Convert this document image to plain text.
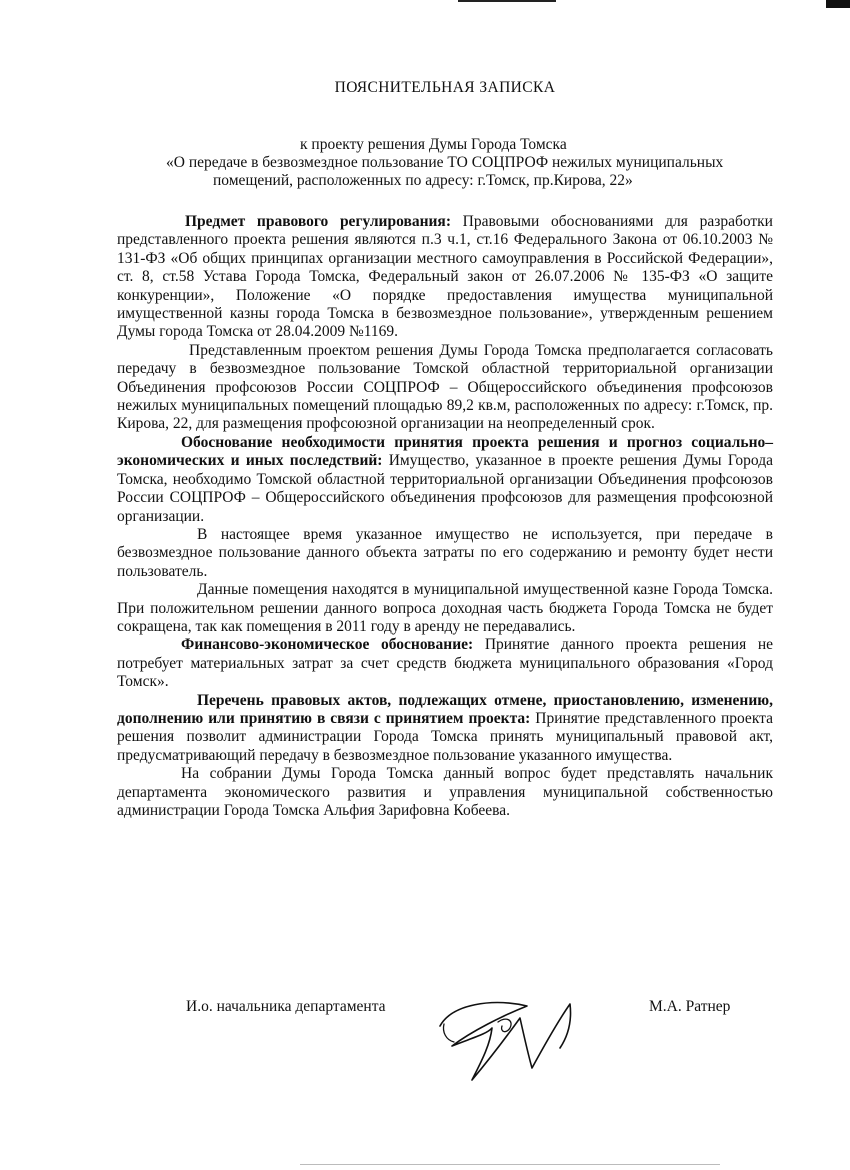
ПОЯСНИТЕЛЬНАЯ ЗАПИСКА
к проекту решения Думы Города Томска
«О передаче в безвозмездное пользование ТО СОЦПРОФ нежилых муниципальных
помещений, расположенных по адресу: г.Томск, пр.Кирова, 22»

Предмет правового регулирования: Правовыми обоснованиями для разработки представленного проекта решения являются п.3 ч.1, ст.16 Федерального Закона от 06.10.2003 № 131-ФЗ «Об общих принципах организации местного самоуправления в Российской Федерации», ст. 8, ст.58 Устава Города Томска, Федеральный закон от 26.07.2006 № 135-ФЗ «О защите конкуренции», Положение «О порядке предоставления имущества муниципальной имущественной казны города Томска в безвозмездное пользование», утвержденным решением Думы города Томска от 28.04.2009 №1169.

Представленным проектом решения Думы Города Томска предполагается согласовать передачу в безвозмездное пользование Томской областной территориальной организации Объединения профсоюзов России СОЦПРОФ – Общероссийского объединения профсоюзов нежилых муниципальных помещений площадью 89,2 кв.м, расположенных по адресу: г.Томск, пр. Кирова, 22, для размещения профсоюзной организации на неопределенный срок.

Обоснование необходимости принятия проекта решения и прогноз социально–экономических и иных последствий: Имущество, указанное в проекте решения Думы Города Томска, необходимо Томской областной территориальной организации Объединения профсоюзов России СОЦПРОФ – Общероссийского объединения профсоюзов для размещения профсоюзной организации.

В настоящее время указанное имущество не используется, при передаче в безвозмездное пользование данного объекта затраты по его содержанию и ремонту будет нести пользователь.

Данные помещения находятся в муниципальной имущественной казне Города Томска. При положительном решении данного вопроса доходная часть бюджета Города Томска не будет сокращена, так как помещения в 2011 году в аренду не передавались.

Финансово-экономическое обоснование: Принятие данного проекта решения не потребует материальных затрат за счет средств бюджета муниципального образования «Город Томск».

Перечень правовых актов, подлежащих отмене, приостановлению, изменению, дополнению или принятию в связи с принятием проекта: Принятие представленного проекта решения позволит администрации Города Томска принять муниципальный правовой акт, предусматривающий передачу в безвозмездное пользование указанного имущества.

На собрании Думы Города Томска данный вопрос будет представлять начальник департамента экономического развития и управления муниципальной собственностью администрации Города Томска Альфия Зарифовна Кобеева.

И.о. начальника департамента	М.А. Ратнер
